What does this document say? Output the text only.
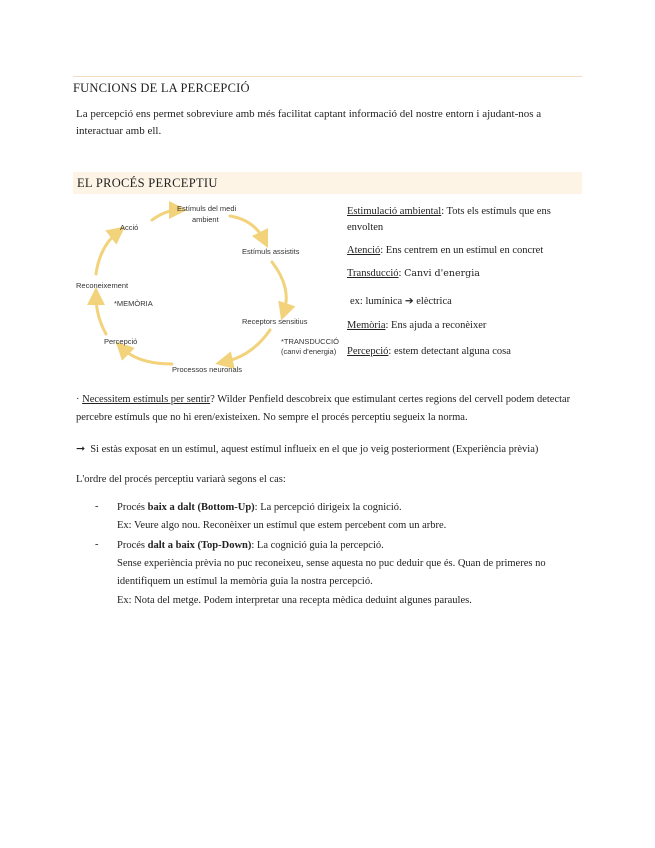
FUNCIONS DE LA PERCEPCIÓ
La percepció ens permet sobreviure amb més facilitat captant informació del nostre entorn i ajudant-nos a interactuar amb ell.
EL PROCÉS PERCEPTIU
Estímuls del medi
ambient
Estímuls assistits
Receptors sensitius
*TRANSDUCCIÓ
(canvi d'energia)
Processos neuronals
Percepció
*MEMÒRIA
Reconeixement
Acció
Estimulació ambiental: Tots els estímuls que ens envolten
Atenció: Ens centrem en un estímul en concret
Transducció: Canvi d'energia
ex: lumínica ➔ elèctrica
Memòria: Ens ajuda a reconèixer
Percepció: estem detectant alguna cosa
· Necessitem estímuls per sentir? Wilder Penfield descobreix que estimulant certes regions del cervell podem detectar percebre estímuls que no hi eren/existeixen. No sempre el procés perceptiu segueix la norma.
➞ Si estàs exposat en un estímul, aquest estímul influeix en el que jo veig posteriorment (Experiència prèvia)
L'ordre del procés perceptiu variarà segons el cas:
- Procés baix a dalt (Bottom-Up): La percepció dirigeix la cognició.
Ex: Veure algo nou. Reconèixer un estímul que estem percebent com un arbre.
- Procés dalt a baix (Top-Down): La cognició guia la percepció.
Sense experiència prèvia no puc reconeixeu, sense aquesta no puc deduir que és. Quan de primeres no identifiquem un estímul la memòria guia la nostra percepció.
Ex: Nota del metge. Podem interpretar una recepta mèdica deduint algunes paraules.
